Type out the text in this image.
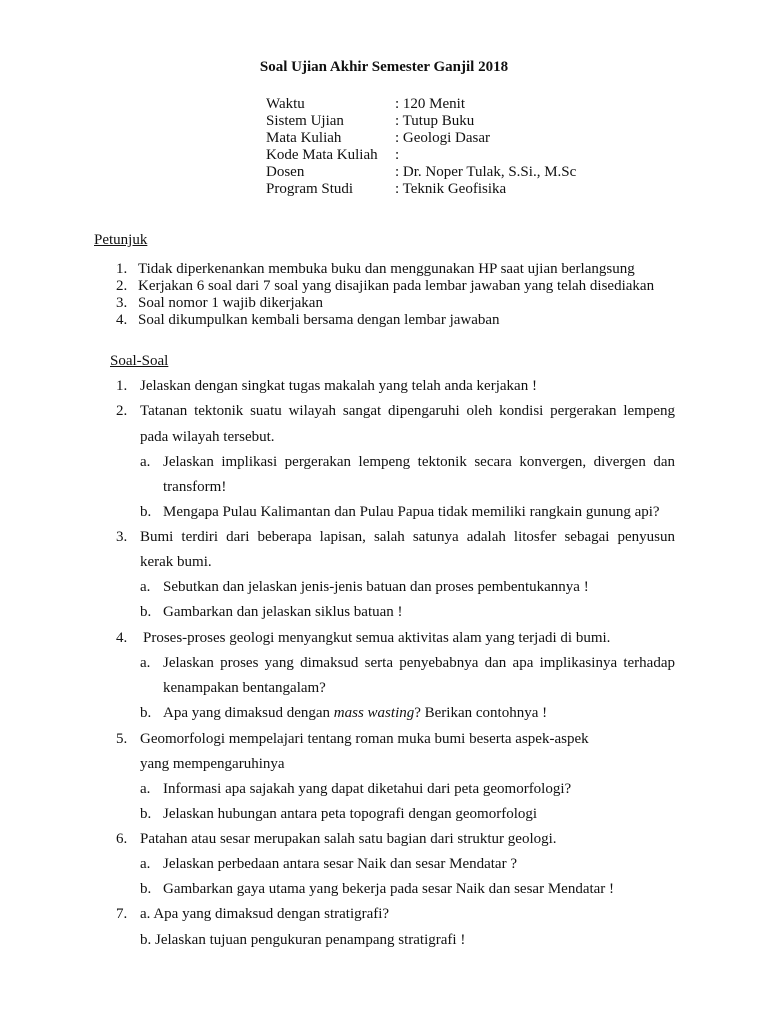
Soal Ujian Akhir Semester Ganjil 2018
Waktu	: 120 Menit
Sistem Ujian	: Tutup Buku
Mata Kuliah	: Geologi Dasar
Kode Mata Kuliah	:
Dosen	: Dr. Noper Tulak, S.Si., M.Sc
Program Studi	: Teknik Geofisika
Petunjuk
1. Tidak diperkenankan membuka buku dan menggunakan HP saat ujian berlangsung
2. Kerjakan 6 soal dari 7 soal yang disajikan pada lembar jawaban yang telah disediakan
3. Soal nomor 1 wajib dikerjakan
4. Soal dikumpulkan kembali bersama dengan lembar jawaban
Soal-Soal
1. Jelaskan dengan singkat tugas makalah yang telah anda kerjakan !
2. Tatanan tektonik suatu wilayah sangat dipengaruhi oleh kondisi pergerakan lempeng
pada wilayah tersebut.
a. Jelaskan implikasi pergerakan lempeng tektonik secara konvergen, divergen dan
transform!
b. Mengapa Pulau Kalimantan dan Pulau Papua tidak memiliki rangkain gunung api?
3. Bumi terdiri dari beberapa lapisan, salah satunya adalah litosfer sebagai penyusun
kerak bumi.
a. Sebutkan dan jelaskan jenis-jenis batuan dan proses pembentukannya !
b. Gambarkan dan jelaskan siklus batuan !
4. Proses-proses geologi menyangkut semua aktivitas alam yang terjadi di bumi.
a. Jelaskan proses yang dimaksud serta penyebabnya dan apa implikasinya terhadap
kenampakan bentangalam?
b. Apa yang dimaksud dengan mass wasting? Berikan contohnya !
5. Geomorfologi mempelajari tentang roman muka bumi beserta aspek-aspek
yang mempengaruhinya
a. Informasi apa sajakah yang dapat diketahui dari peta geomorfologi?
b. Jelaskan hubungan antara peta topografi dengan geomorfologi
6. Patahan atau sesar merupakan salah satu bagian dari struktur geologi.
a. Jelaskan perbedaan antara sesar Naik dan sesar Mendatar ?
b. Gambarkan gaya utama yang bekerja pada sesar Naik dan sesar Mendatar !
7. a. Apa yang dimaksud dengan stratigrafi?
b. Jelaskan tujuan pengukuran penampang stratigrafi !
